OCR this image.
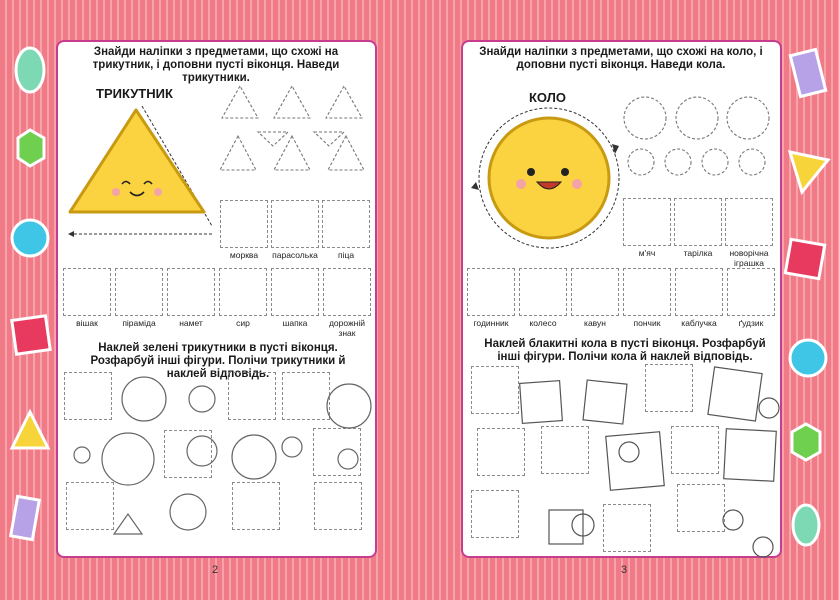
Знайди наліпки з предметами, що схожі на трикутник, і доповни пусті віконця. Наведи трикутники.
ТРИКУТНИК
морква	парасолька	піца
вішак	піраміда	намет	сир	шапка	дорожній знак
Наклей зелені трикутники в пусті віконця. Розфарбуй інші фігури. Полічи трикутники й наклей відповідь.
2
Знайди наліпки з предметами, що схожі на коло, і доповни пусті віконця. Наведи кола.
КОЛО
м'яч	тарілка	новорічна іграшка
годинник	колесо	кавун	пончик	каблучка	ґудзик
Наклей блакитні кола в пусті віконця. Розфарбуй інші фігури. Полічи кола й наклей відповідь.
3
